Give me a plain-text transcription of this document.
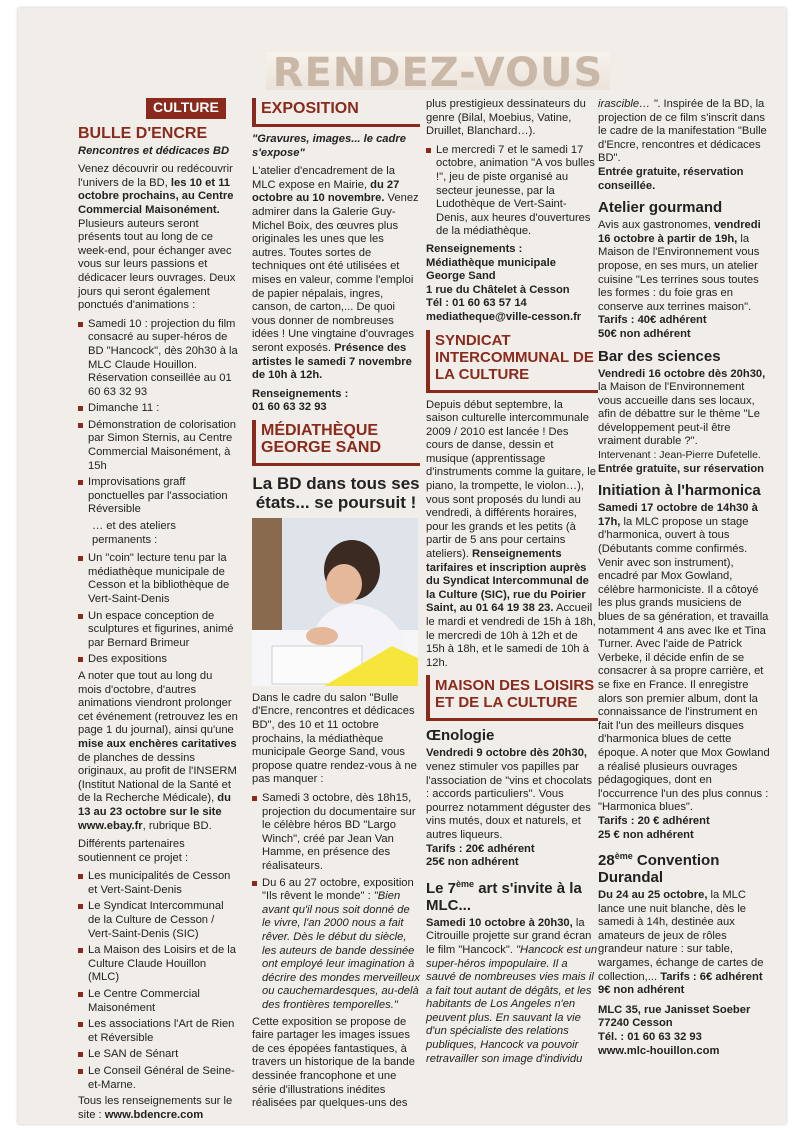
RENDEZ-VOUS
CULTURE
BULLE D'ENCRE

Rencontres et dédicaces BD

Venez découvrir ou redécouvrir l'univers de la BD, les 10 et 11 octobre prochains, au Centre Commercial Maisonément. Plusieurs auteurs seront présents tout au long de ce week-end, pour échanger avec vous sur leurs passions et dédicacer leurs ouvrages. Deux jours qui seront également ponctués d'animations :

Samedi 10 : projection du film consacré au super-héros de BD "Hancock", dès 20h30 à la MLC Claude Houillon. Réservation conseillée au 01 60 63 32 93

Dimanche 11 :

Démonstration de colorisation par Simon Sternis, au Centre Commercial Maisonément, à 15h

Improvisations graff ponctuelles par l'association Réversible

… et des ateliers permanents :

Un "coin" lecture tenu par la médiathèque municipale de Cesson et la bibliothèque de Vert-Saint-Denis

Un espace conception de sculptures et figurines, animé par Bernard Brimeur

Des expositions

A noter que tout au long du mois d'octobre, d'autres animations viendront prolonger cet événement (retrouvez les en page 1 du journal), ainsi qu'une mise aux enchères caritatives de planches de dessins originaux, au profit de l'INSERM (Institut National de la Santé et de la Recherche Médicale), du 13 au 23 octobre sur le site www.ebay.fr, rubrique BD.

Différents partenaires soutiennent ce projet :

Les municipalités de Cesson et Vert-Saint-Denis

Le Syndicat Intercommunal de la Culture de Cesson / Vert-Saint-Denis (SIC)

La Maison des Loisirs et de la Culture Claude Houillon (MLC)

Le Centre Commercial Maisonément

Les associations l'Art de Rien et Réversible

Le SAN de Sénart

Le Conseil Général de Seine-et-Marne.

Tous les renseignements sur le site : www.bdencre.com

EXPOSITION

"Gravures, images... le cadre s'expose"

L'atelier d'encadrement de la MLC expose en Mairie, du 27 octobre au 10 novembre. Venez admirer dans la Galerie Guy-Michel Boix, des œuvres plus originales les unes que les autres. Toutes sortes de techniques ont été utilisées et mises en valeur, comme l'emploi de papier népalais, ingres, canson, de carton,... De quoi vous donner de nombreuses idées ! Une vingtaine d'ouvrages seront exposés. Présence des artistes le samedi 7 novembre de 10h à 12h.

Renseignements :
01 60 63 32 93

MÉDIATHÈQUE GEORGE SAND
La BD dans tous ses états... se poursuit !

Dans le cadre du salon "Bulle d'Encre, rencontres et dédicaces BD", des 10 et 11 octobre prochains, la médiathèque municipale George Sand, vous propose quatre rendez-vous à ne pas manquer :

Samedi 3 octobre, dès 18h15, projection du documentaire sur le célèbre héros BD "Largo Winch", créé par Jean Van Hamme, en présence des réalisateurs.

Du 6 au 27 octobre, exposition "Ils rêvent le monde" : "Bien avant qu'il nous soit donné de le vivre, l'an 2000 nous a fait rêver. Dès le début du siècle, les auteurs de bande dessinée ont employé leur imagination à décrire des mondes merveilleux ou cauchemardesques, au-delà des frontières temporelles."

Cette exposition se propose de faire partager les images issues de ces épopées fantastiques, à travers un historique de la bande dessinée francophone et une série d'illustrations inédites réalisées par quelques-uns des

plus prestigieux dessinateurs du genre (Bilal, Moebius, Vatine, Druillet, Blanchard…).

Le mercredi 7 et le samedi 17 octobre, animation "A vos bulles !", jeu de piste organisé au secteur jeunesse, par la Ludothèque de Vert-Saint-Denis, aux heures d'ouvertures de la médiathèque.

Renseignements :
Médiathèque municipale
George Sand
1 rue du Châtelet à Cesson
Tél : 01 60 63 57 14
mediatheque@ville-cesson.fr

SYNDICAT INTERCOMMUNAL DE LA CULTURE

Depuis début septembre, la saison culturelle intercommunale 2009 / 2010 est lancée ! Des cours de danse, dessin et musique (apprentissage d'instruments comme la guitare, le piano, la trompette, le violon…), vous sont proposés du lundi au vendredi, à différents horaires, pour les grands et les petits (à partir de 5 ans pour certains ateliers). Renseignements tarifaires et inscription auprès du Syndicat Intercommunal de la Culture (SIC), rue du Poirier Saint, au 01 64 19 38 23. Accueil le mardi et vendredi de 15h à 18h, le mercredi de 10h à 12h et de 15h à 18h, et le samedi de 10h à 12h.

MAISON DES LOISIRS ET DE LA CULTURE
Œnologie

Vendredi 9 octobre dès 20h30, venez stimuler vos papilles par l'association de "vins et chocolats : accords particuliers". Vous pourrez notamment déguster des vins mutés, doux et naturels, et autres liqueurs.
Tarifs : 20€ adhérent
25€ non adhérent

Le 7ème art s'invite à la MLC...

Samedi 10 octobre à 20h30, la Citrouille projette sur grand écran le film "Hancock". "Hancock est un super-héros impopulaire. Il a sauvé de nombreuses vies mais il a fait tout autant de dégâts, et les habitants de Los Angeles n'en peuvent plus. En sauvant la vie d'un spécialiste des relations publiques, Hancock va pouvoir retravailler son image d'individu

irascible… ". Inspirée de la BD, la projection de ce film s'inscrit dans le cadre de la manifestation "Bulle d'Encre, rencontres et dédicaces BD".
Entrée gratuite, réservation conseillée.

Atelier gourmand

Avis aux gastronomes, vendredi 16 octobre à partir de 19h, la Maison de l'Environnement vous propose, en ses murs, un atelier cuisine "Les terrines sous toutes les formes : du foie gras en conserve aux terrines maison". Tarifs : 40€ adhérent
50€ non adhérent

Bar des sciences

Vendredi 16 octobre dès 20h30, la Maison de l'Environnement vous accueille dans ses locaux, afin de débattre sur le thème "Le développement peut-il être vraiment durable ?".
Intervenant : Jean-Pierre Dufetelle.
Entrée gratuite, sur réservation

Initiation à l'harmonica

Samedi 17 octobre de 14h30 à 17h, la MLC propose un stage d'harmonica, ouvert à tous (Débutants comme confirmés. Venir avec son instrument), encadré par Mox Gowland, célèbre harmoniciste. Il a côtoyé les plus grands musiciens de blues de sa génération, et travailla notamment 4 ans avec Ike et Tina Turner. Avec l'aide de Patrick Verbeke, il décide enfin de se consacrer à sa propre carrière, et se fixe en France. Il enregistre alors son premier album, dont la connaissance de l'instrument en fait l'un des meilleurs disques d'harmonica blues de cette époque. A noter que Mox Gowland a réalisé plusieurs ouvrages pédagogiques, dont en l'occurrence l'un des plus connus : "Harmonica blues".
Tarifs : 20 € adhérent
25 € non adhérent

28ème Convention Durandal

Du 24 au 25 octobre, la MLC lance une nuit blanche, dès le samedi à 14h, destinée aux amateurs de jeux de rôles grandeur nature : sur table, wargames, échange de cartes de collection,... Tarifs : 6€ adhérent
9€ non adhérent

MLC 35, rue Janisset Soeber
77240 Cesson
Tél. : 01 60 63 32 93
www.mlc-houillon.com
